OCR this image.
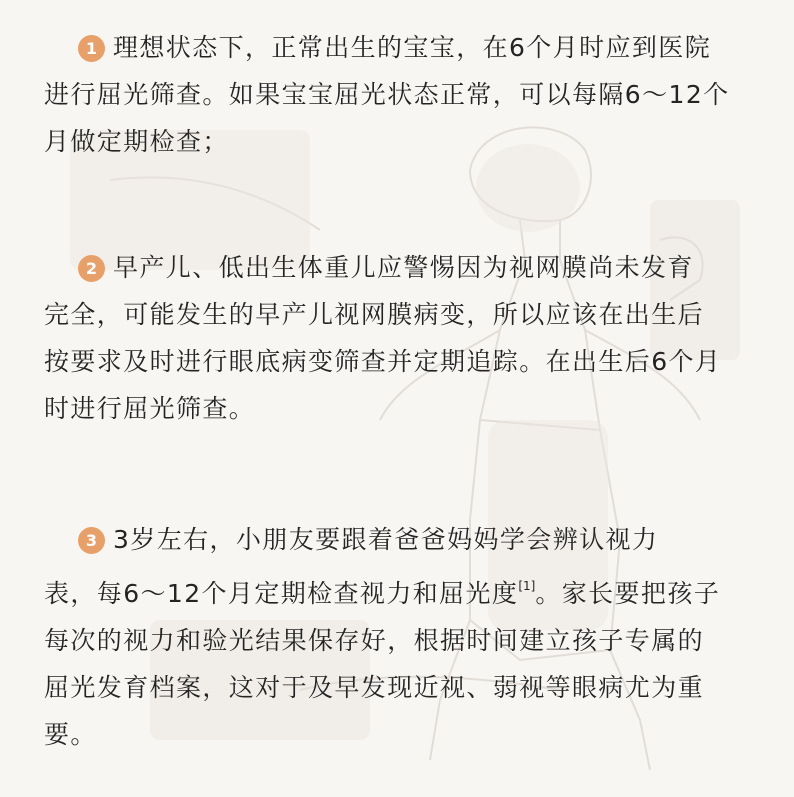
1 理想状态下，正常出生的宝宝，在6个月时应到医院
进行屈光筛查。如果宝宝屈光状态正常，可以每隔6～12个
月做定期检查；

2 早产儿、低出生体重儿应警惕因为视网膜尚未发育
完全，可能发生的早产儿视网膜病变，所以应该在出生后
按要求及时进行眼底病变筛查并定期追踪。在出生后6个月
时进行屈光筛查。

3 3岁左右，小朋友要跟着爸爸妈妈学会辨认视力
表，每6～12个月定期检查视力和屈光度[1]。家长要把孩子
每次的视力和验光结果保存好，根据时间建立孩子专属的
屈光发育档案，这对于及早发现近视、弱视等眼病尤为重
要。
